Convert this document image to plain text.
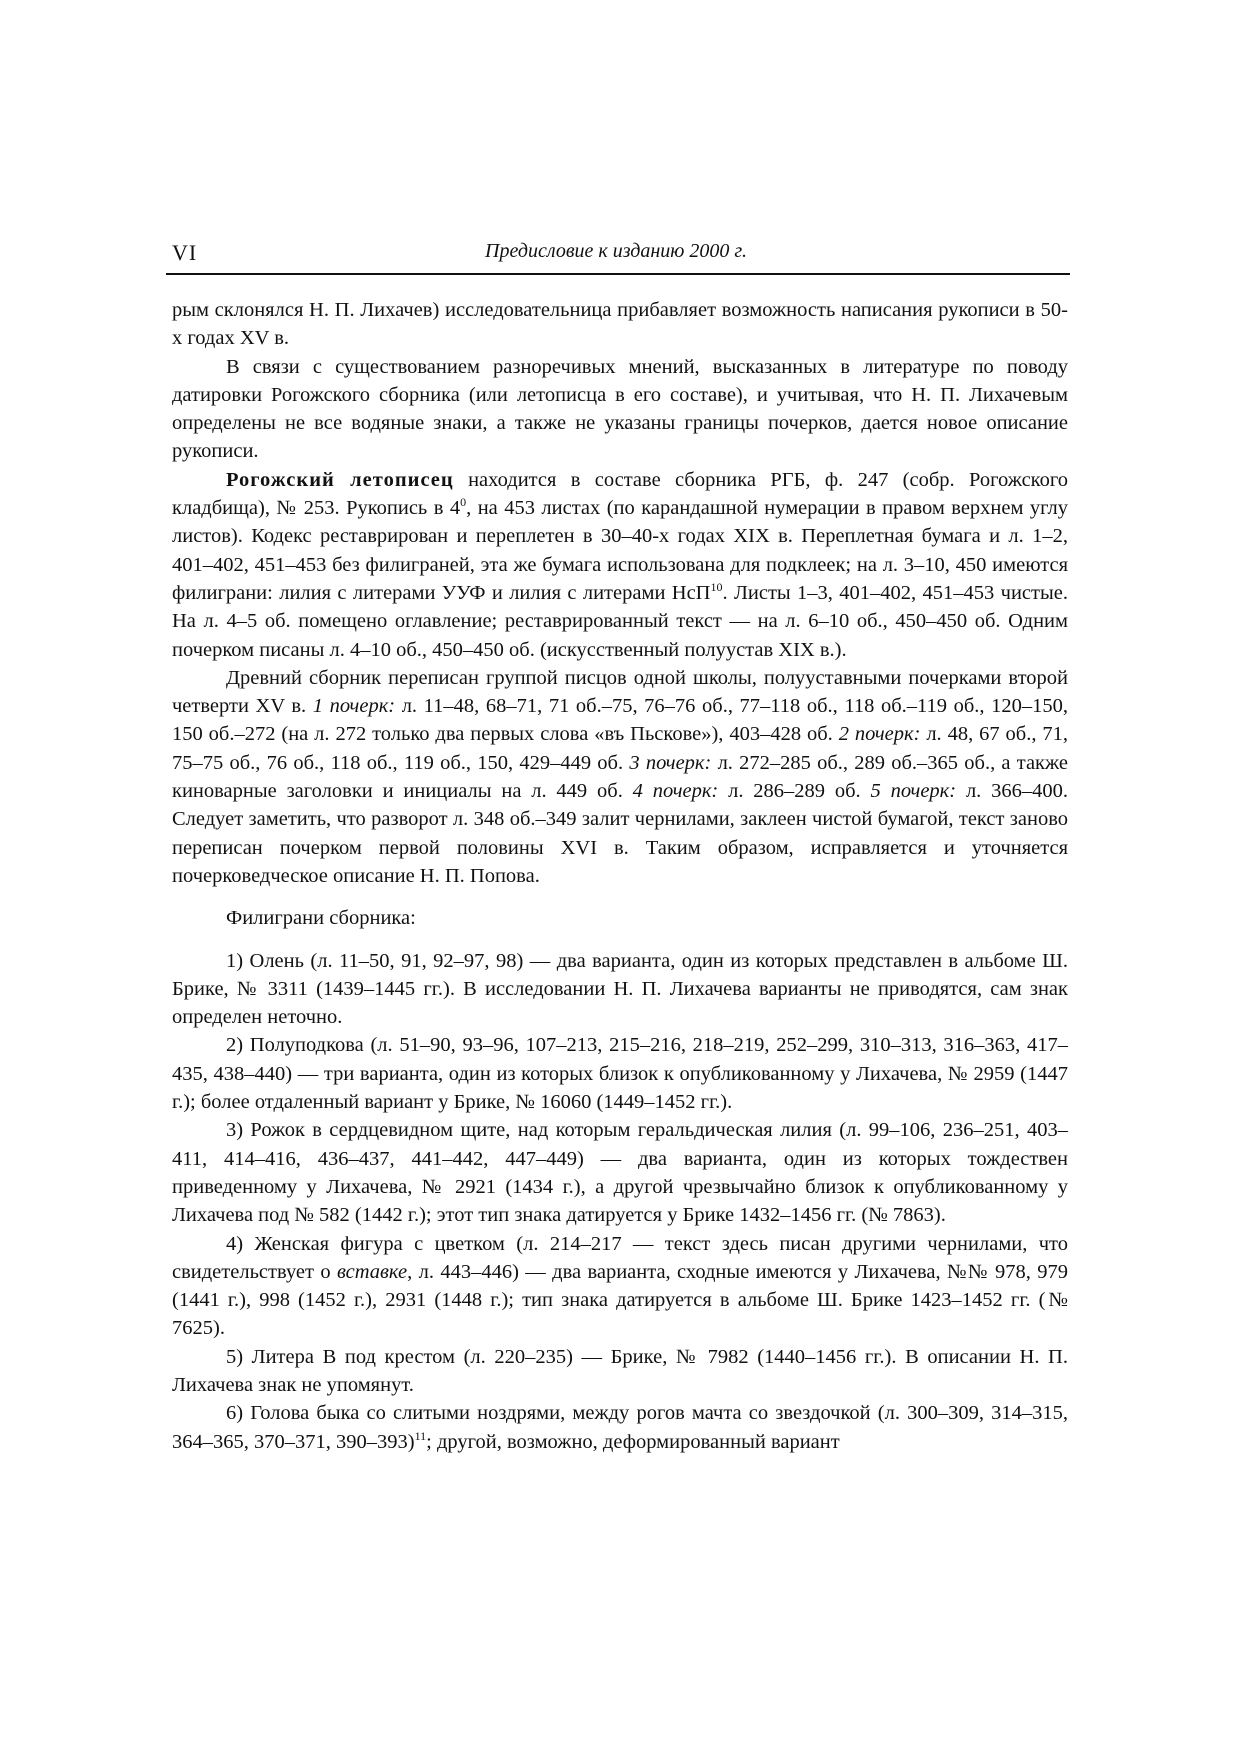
VI	Предисловие к изданию 2000 г.

рым склонялся Н. П. Лихачев) исследовательница прибавляет возможность написания рукописи в 50-х годах XV в.

В связи с существованием разноречивых мнений, высказанных в литературе по поводу датировки Рогожского сборника (или летописца в его составе), и учитывая, что Н. П. Лихачевым определены не все водяные знаки, а также не указаны границы почерков, дается новое описание рукописи.

Рогожский летописец находится в составе сборника РГБ, ф. 247 (собр. Рогожского кладбища), № 253. Рукопись в $4^0$, на 453 листах (по карандашной нумерации в правом верхнем углу листов). Кодекс реставрирован и переплетен в 30–40-х годах XIX в. Переплетная бумага и л. 1–2, 401–402, 451–453 без филиграней, эта же бумага использована для подклеек; на л. 3–10, 450 имеются филиграни: лилия с литерами УУФ и лилия с литерами НсП$^{10}$. Листы 1–3, 401–402, 451–453 чистые. На л. 4–5 об. помещено оглавление; реставрированный текст — на л. 6–10 об., 450–450 об. Одним почерком писаны л. 4–10 об., 450–450 об. (искусственный полуустав XIX в.).

Древний сборник переписан группой писцов одной школы, полууставными почерками второй четверти XV в. 1 почерк: л. 11–48, 68–71, 71 об.–75, 76–76 об., 77–118 об., 118 об.–119 об., 120–150, 150 об.–272 (на л. 272 только два первых слова «въ Пьскове»), 403–428 об. 2 почерк: л. 48, 67 об., 71, 75–75 об., 76 об., 118 об., 119 об., 150, 429–449 об. 3 почерк: л. 272–285 об., 289 об.–365 об., а также киноварные заголовки и инициалы на л. 449 об. 4 почерк: л. 286–289 об. 5 почерк: л. 366–400. Следует заметить, что разворот л. 348 об.–349 залит чернилами, заклеен чистой бумагой, текст заново переписан почерком первой половины XVI в. Таким образом, исправляется и уточняется почерковедческое описание Н. П. Попова.

Филиграни сборника:

1) Олень (л. 11–50, 91, 92–97, 98) — два варианта, один из которых представлен в альбоме Ш. Брике, № 3311 (1439–1445 гг.). В исследовании Н. П. Лихачева варианты не приводятся, сам знак определен неточно.

2) Полуподкова (л. 51–90, 93–96, 107–213, 215–216, 218–219, 252–299, 310–313, 316–363, 417–435, 438–440) — три варианта, один из которых близок к опубликованному у Лихачева, № 2959 (1447 г.); более отдаленный вариант у Брике, № 16060 (1449–1452 гг.).

3) Рожок в сердцевидном щите, над которым геральдическая лилия (л. 99–106, 236–251, 403–411, 414–416, 436–437, 441–442, 447–449) — два варианта, один из которых тождествен приведенному у Лихачева, № 2921 (1434 г.), а другой чрезвычайно близок к опубликованному у Лихачева под № 582 (1442 г.); этот тип знака датируется у Брике 1432–1456 гг. (№ 7863).

4) Женская фигура с цветком (л. 214–217 — текст здесь писан другими чернилами, что свидетельствует о вставке, л. 443–446) — два варианта, сходные имеются у Лихачева, №№ 978, 979 (1441 г.), 998 (1452 г.), 2931 (1448 г.); тип знака датируется в альбоме Ш. Брике 1423–1452 гг. (№ 7625).

5) Литера В под крестом (л. 220–235) — Брике, № 7982 (1440–1456 гг.). В описании Н. П. Лихачева знак не упомянут.

6) Голова быка со слитыми ноздрями, между рогов мачта со звездочкой (л. 300–309, 314–315, 364–365, 370–371, 390–393)$^{11}$; другой, возможно, деформированный вариант
